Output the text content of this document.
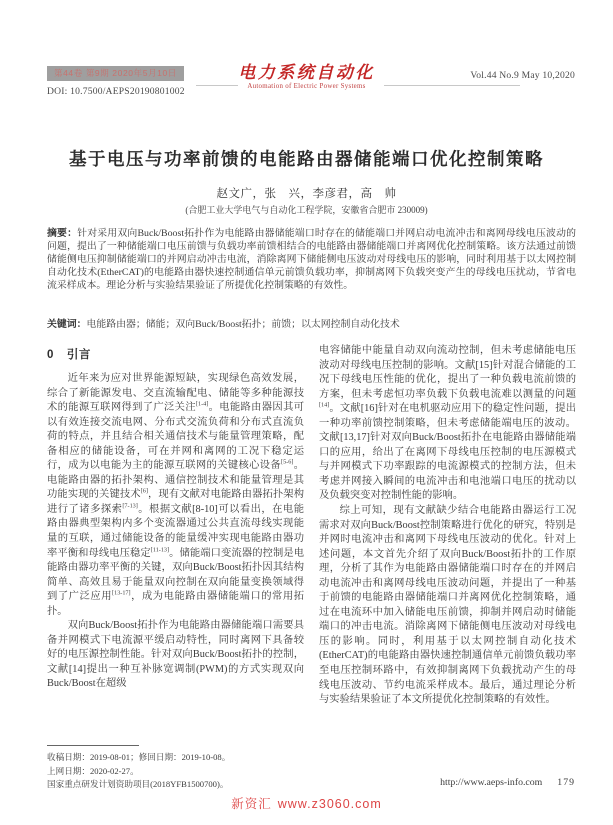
第44卷 第9期 2020年5月10日
DOI: 10.7500/AEPS20190801002
电力系统自动化
Automation of Electric Power Systems
Vol.44 No.9 May 10,2020
基于电压与功率前馈的电能路由器储能端口优化控制策略
赵文广，张　兴，李彦君，高　帅
(合肥工业大学电气与自动化工程学院，安徽省合肥市 230009)
摘要：针对采用双向Buck/Boost拓扑作为电能路由器储能端口时存在的储能端口并网启动电流冲击和离网母线电压波动的问题，提出了一种储能端口电压前馈与负载功率前馈相结合的电能路由器储能端口并离网优化控制策略。该方法通过前馈储能侧电压抑制储能端口的并网启动冲击电流，消除离网下储能侧电压波动对母线电压的影响，同时利用基于以太网控制自动化技术(EtherCAT)的电能路由器快速控制通信单元前馈负载功率，抑制离网下负载突变产生的母线电压扰动，节省电流采样成本。理论分析与实验结果验证了所提优化控制策略的有效性。
关键词：电能路由器；储能；双向Buck/Boost拓扑；前馈；以太网控制自动化技术
0 引言

近年来为应对世界能源短缺，实现绿色高效发展，综合了新能源发电、交直流输配电、储能等多种能源技术的能源互联网得到了广泛关注[1-4]。电能路由器因其可以有效连接交流电网、分布式交流负荷和分布式直流负荷的特点，并且结合相关通信技术与能量管理策略，配备相应的储能设备，可在并网和离网的工况下稳定运行，成为以电能为主的能源互联网的关键核心设备[5-6]。电能路由器的拓扑架构、通信控制技术和能量管理是其功能实现的关键技术[6]，现有文献对电能路由器拓扑架构进行了诸多探索[7-13]。根据文献[8-10]可以看出，在电能路由器典型架构内多个变流器通过公共直流母线实现能量的互联，通过储能设备的能量缓冲实现电能路由器功率平衡和母线电压稳定[11-13]。储能端口变流器的控制是电能路由器功率平衡的关键，双向Buck/Boost拓扑因其结构简单、高效且易于能量双向控制在双向能量变换领域得到了广泛应用[13-17]，成为电能路由器储能端口的常用拓扑。

双向Buck/Boost拓扑作为电能路由器储能端口需要具备并网模式下电流源平缓启动特性，同时离网下具备较好的电压源控制性能。针对双向Buck/Boost拓扑的控制，文献[14]提出一种互补脉宽调制(PWM)的方式实现双向Buck/Boost在超级

收稿日期：2019-08-01；修回日期：2019-10-08。
上网日期：2020-02-27。
国家重点研发计划资助项目(2018YFB1500700)。

电容储能中能量自动双向流动控制，但未考虑储能电压波动对母线电压控制的影响。文献[15]针对混合储能的工况下母线电压性能的优化，提出了一种负载电流前馈的方案，但未考虑恒功率负载下负载电流难以测量的问题[14]。文献[16]针对在电机驱动应用下的稳定性问题，提出一种功率前馈控制策略，但未考虑储能端电压的波动。文献[13,17]针对双向Buck/Boost拓扑在电能路由器储能端口的应用，给出了在离网下母线电压控制的电压源模式与并网模式下功率跟踪的电流源模式的控制方法，但未考虑并网接入瞬间的电流冲击和电池端口电压的扰动以及负载突变对控制性能的影响。

综上可知，现有文献缺少结合电能路由器运行工况需求对双向Buck/Boost控制策略进行优化的研究，特别是并网时电流冲击和离网下母线电压波动的优化。针对上述问题，本文首先介绍了双向Buck/Boost拓扑的工作原理，分析了其作为电能路由器储能端口时存在的并网启动电流冲击和离网母线电压波动问题，并提出了一种基于前馈的电能路由器储能端口并离网优化控制策略，通过在电流环中加入储能电压前馈，抑制并网启动时储能端口的冲击电流。消除离网下储能侧电压波动对母线电压的影响。同时，利用基于以太网控制自动化技术(EtherCAT)的电能路由器快速控制通信单元前馈负载功率至电压控制环路中，有效抑制离网下负载扰动产生的母线电压波动、节约电流采样成本。最后，通过理论分析与实验结果验证了本文所提优化控制策略的有效性。

http://www.aeps-info.com 179
新资汇 www.z3060.com
